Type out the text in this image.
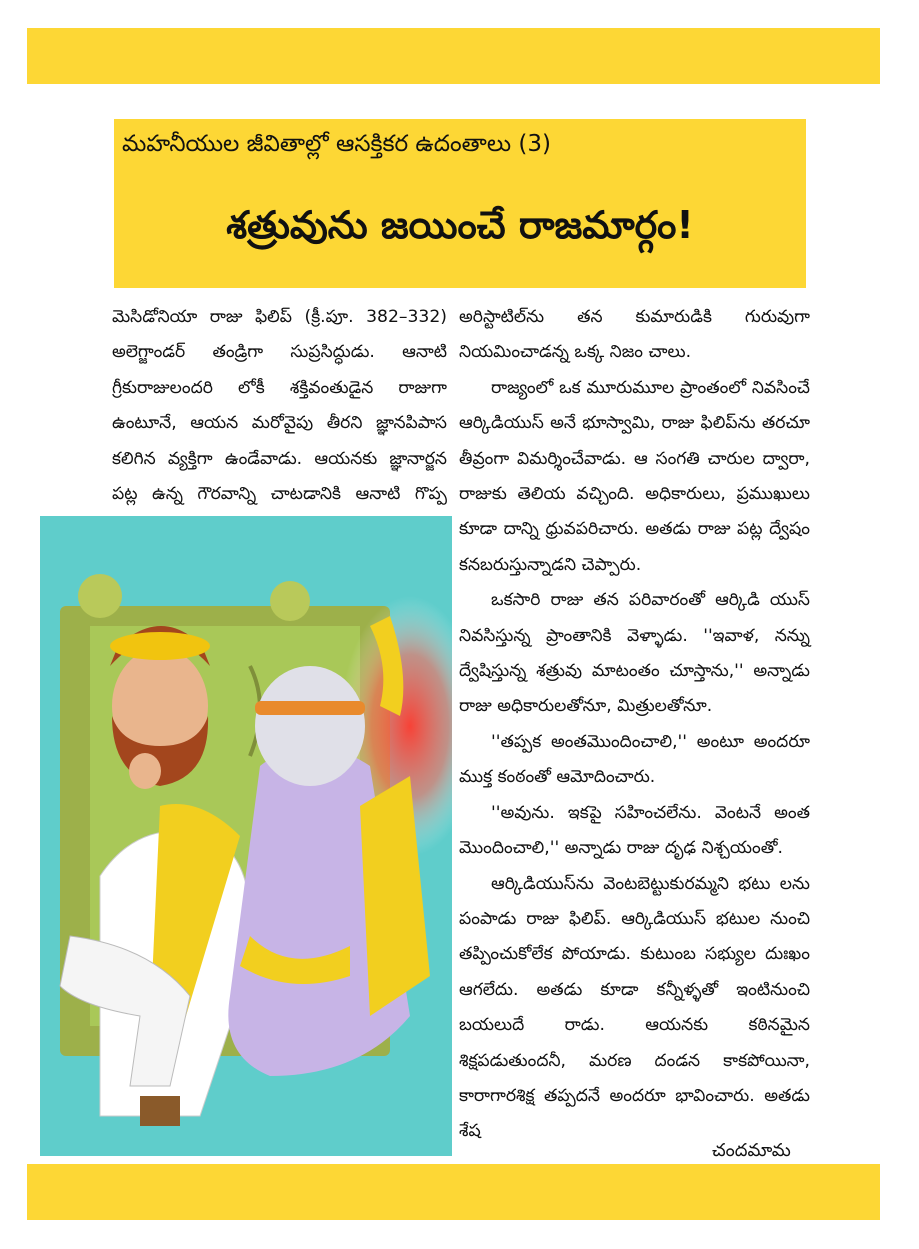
మహనీయుల జీవితాల్లో ఆసక్తికర ఉదంతాలు (3)
శత్రువును జయించే రాజమార్గం!

మెసిడోనియా రాజు ఫిలిప్ (క్రీ.పూ. 382–332) అలెగ్జాండర్ తండ్రిగా సుప్రసిద్ధుడు. ఆనాటి గ్రీకురాజులందరి లోకీ శక్తివంతుడైన రాజుగా ఉంటూనే, ఆయన మరోవైపు తీరని జ్ఞానపిపాస కలిగిన వ్యక్తిగా ఉండేవాడు. ఆయనకు జ్ఞానార్జన పట్ల ఉన్న గౌరవాన్ని చాటడానికి ఆనాటి గొప్ప

అరిస్టాటిల్‌ను తన కుమారుడికి గురువుగా నియమించాడన్న ఒక్క నిజం చాలు.

రాజ్యంలో ఒక మూరుమూల ప్రాంతంలో నివసించే ఆర్కిడియుస్ అనే భూస్వామి, రాజు ఫిలిప్‌ను తరచూ తీవ్రంగా విమర్శించేవాడు. ఆ సంగతి చారుల ద్వారా, రాజుకు తెలియ వచ్చింది. అధికారులు, ప్రముఖులు కూడా దాన్ని ధ్రువపరిచారు. అతడు రాజు పట్ల ద్వేషం కనబరుస్తున్నాడని చెప్పారు.

ఒకసారి రాజు తన పరివారంతో ఆర్కిడి యుస్ నివసిస్తున్న ప్రాంతానికి వెళ్ళాడు. ''ఇవాళ, నన్ను ద్వేషిస్తున్న శత్రువు మాటంతం చూస్తాను,'' అన్నాడు రాజు అధికారులతోనూ, మిత్రులతోనూ.

''తప్పక అంతమొందించాలి,'' అంటూ అందరూ ముక్త కంఠంతో ఆమోదించారు.

''అవును. ఇకపై సహించలేను. వెంటనే అంత మొందించాలి,'' అన్నాడు రాజు దృఢ నిశ్చయంతో.

ఆర్కిడియుస్‌ను వెంటబెట్టుకురమ్మని భటు లను పంపాడు రాజు ఫిలిప్. ఆర్కిడియుస్ భటుల నుంచి తప్పించుకోలేక పోయాడు. కుటుంబ సభ్యుల దుఃఖం ఆగలేదు. అతడు కూడా కన్నీళ్ళతో ఇంటినుంచి బయలుదే రాడు. ఆయనకు కఠినమైన శిక్షపడుతుందనీ, మరణ దండన కాకపోయినా, కారాగారశిక్ష తప్పదనే అందరూ భావించారు. అతడు శేష

చందమామ
